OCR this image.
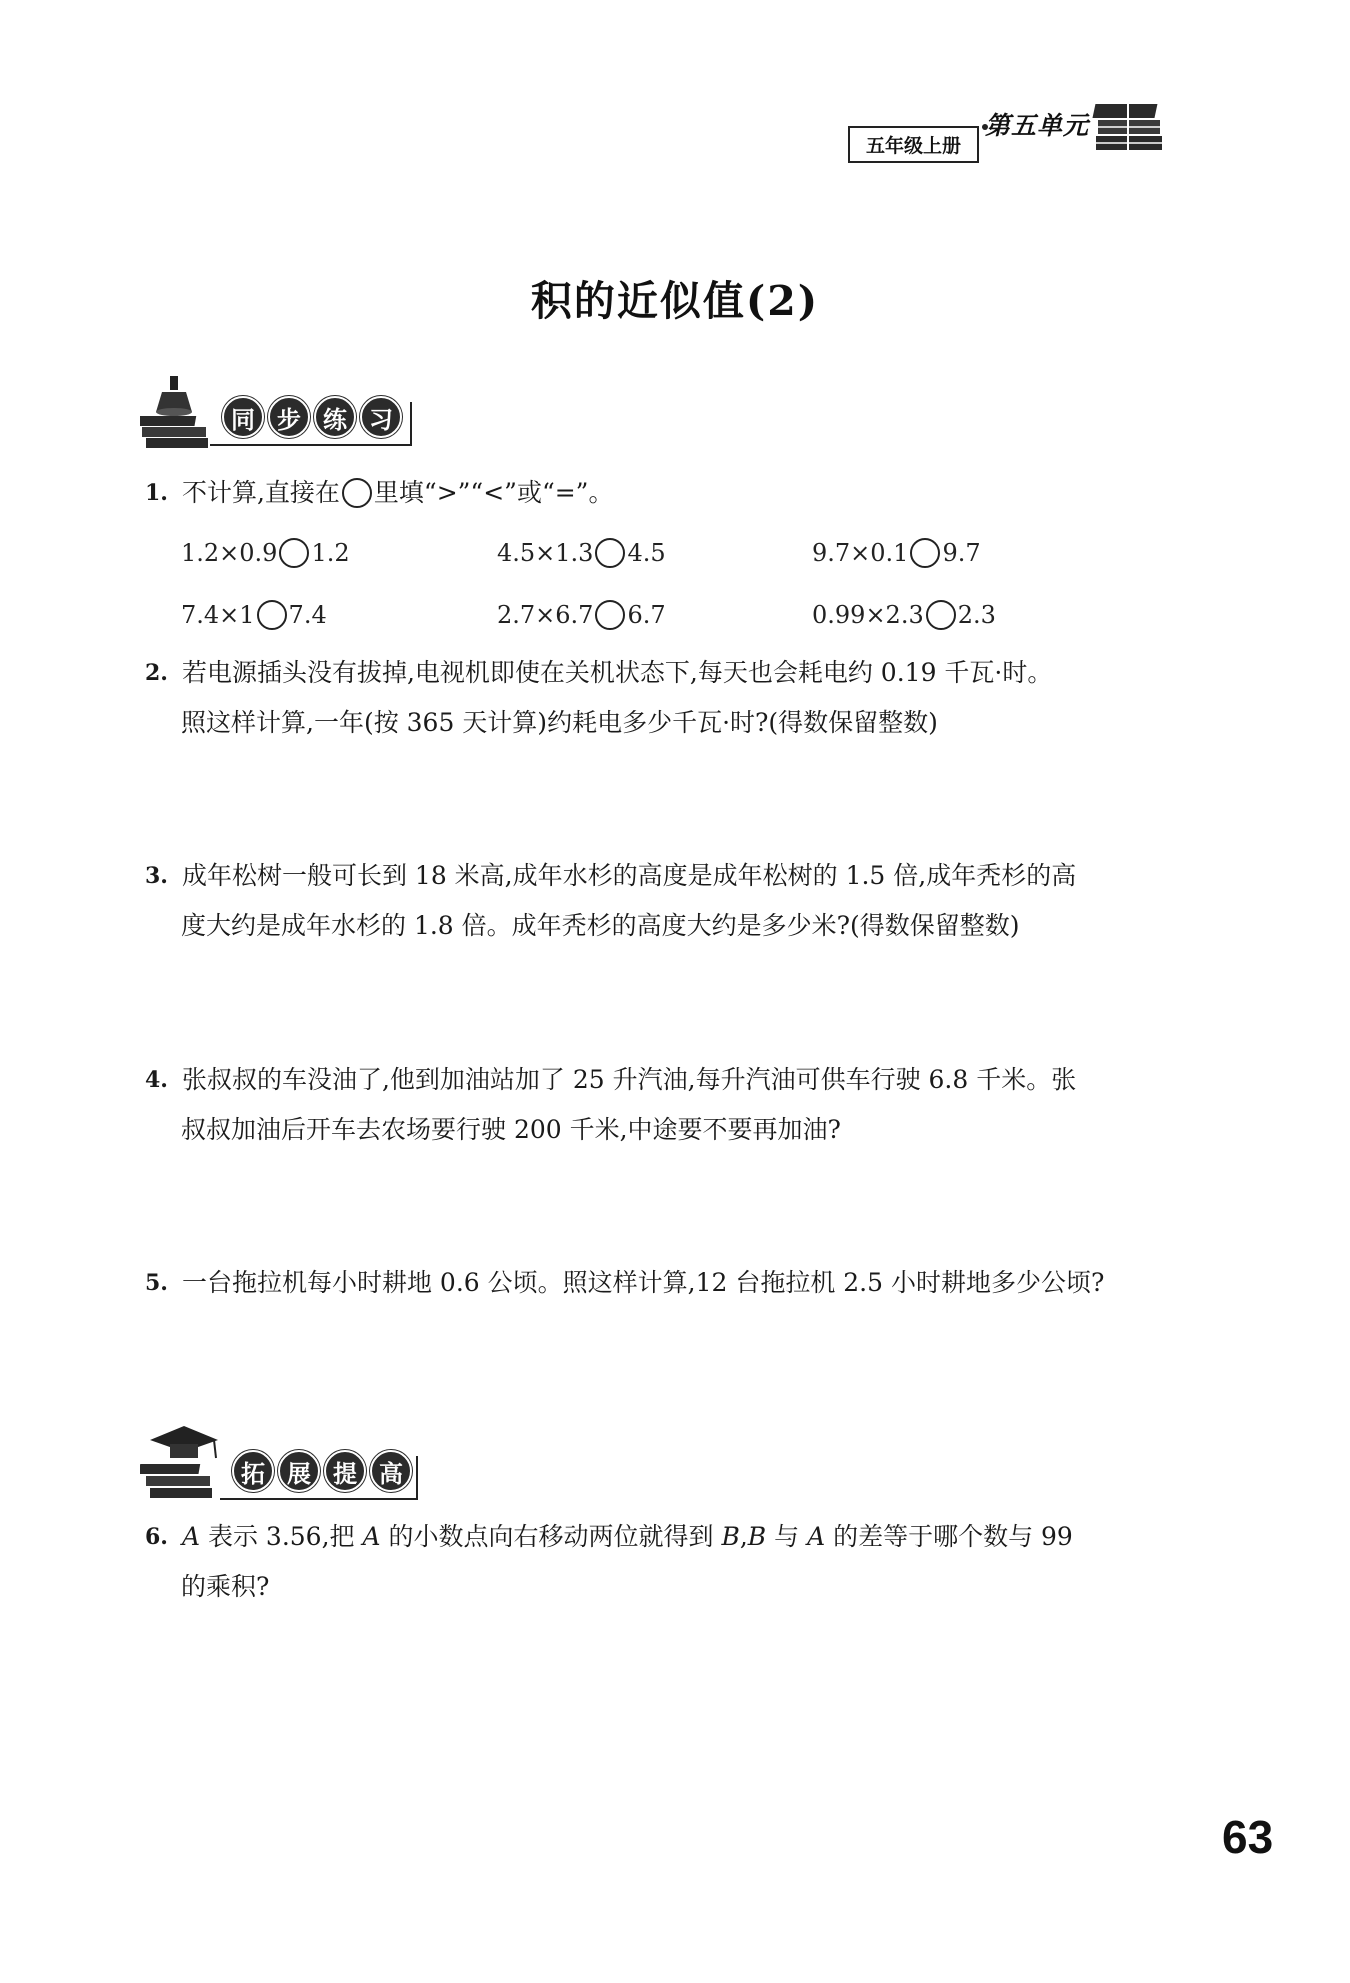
第五单元
五年级上册
积的近似值(2)
同 步 练 习
1. 不计算,直接在 里填“>”“<”或“=”。
1.2×0.9 1.2	4.5×1.3 4.5	9.7×0.1 9.7
7.4×1 7.4	2.7×6.7 6.7	0.99×2.3 2.3
2. 若电源插头没有拔掉,电视机即使在关机状态下,每天也会耗电约 0.19 千瓦·时。
照这样计算,一年(按 365 天计算)约耗电多少千瓦·时?(得数保留整数)
3. 成年松树一般可长到 18 米高,成年水杉的高度是成年松树的 1.5 倍,成年秃杉的高
度大约是成年水杉的 1.8 倍。成年秃杉的高度大约是多少米?(得数保留整数)
4. 张叔叔的车没油了,他到加油站加了 25 升汽油,每升汽油可供车行驶 6.8 千米。张
叔叔加油后开车去农场要行驶 200 千米,中途要不要再加油?
5. 一台拖拉机每小时耕地 0.6 公顷。照这样计算,12 台拖拉机 2.5 小时耕地多少公顷?
拓 展 提 高
6. A 表示 3.56,把 A 的小数点向右移动两位就得到 B , B 与 A 的差等于哪个数与 99
的乘积?
63
